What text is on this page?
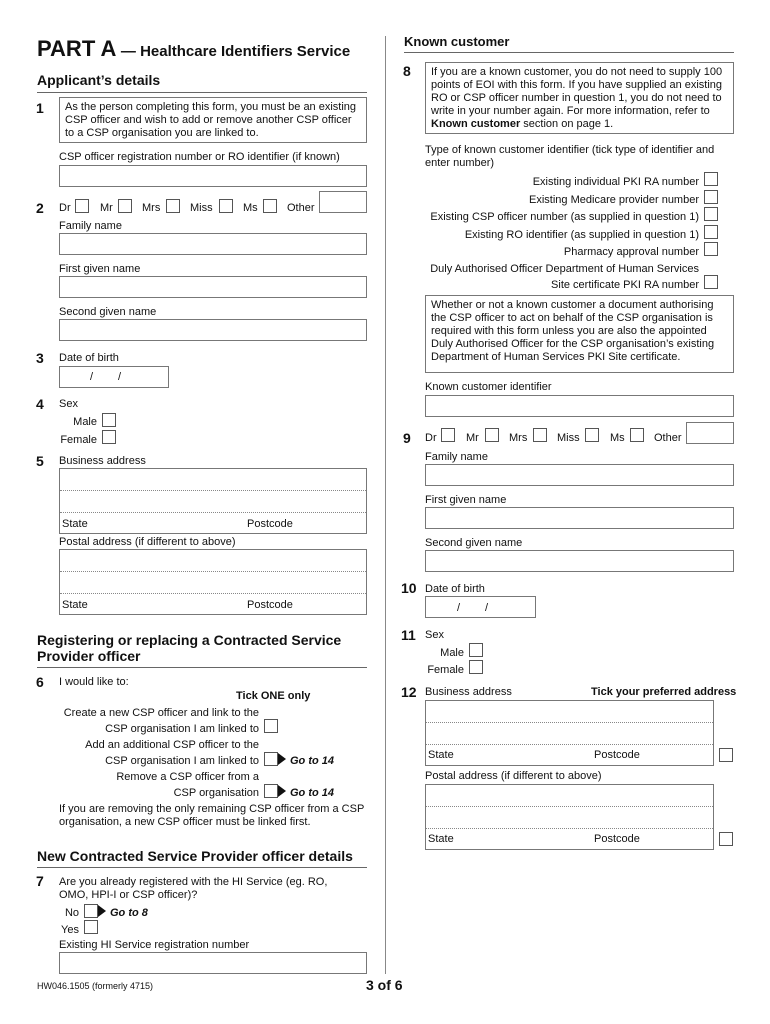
PART A — Healthcare Identifiers Service
Applicant’s details
1	As the person completing this form, you must be an existing CSP officer and wish to add or remove another CSP officer to a CSP organisation you are linked to.
CSP officer registration number or RO identifier (if known)
2 Dr	Mr	Mrs	Miss	Ms	Other
Family name
First given name
Second given name
3 Date of birth
/ /
4 Sex
Male
Female
5 Business address
State	Postcode
Postal address (if different to above)
State	Postcode
Registering or replacing a Contracted Service
Provider officer
6 I would like to:
Tick ONE only
Create a new CSP officer and link to the
CSP organisation I am linked to
Add an additional CSP officer to the
CSP organisation I am linked to	Go to 14
Remove a CSP officer from a
CSP organisation	Go to 14
If you are removing the only remaining CSP officer from a CSP organisation, a new CSP officer must be linked first.
New Contracted Service Provider officer details
7 Are you already registered with the HI Service (eg. RO, OMO, HPI-I or CSP officer)?
No	Go to 8
Yes
Existing HI Service registration number
HW046.1505 (formerly 4715)
Known customer
8	If you are a known customer, you do not need to supply 100 points of EOI with this form. If you have supplied an existing RO or CSP officer number in question 1, you do not need to write in your number again. For more information, refer to Known customer section on page 1.
Type of known customer identifier (tick type of identifier and enter number)
Existing individual PKI RA number
Existing Medicare provider number
Existing CSP officer number (as supplied in question 1)
Existing RO identifier (as supplied in question 1)
Pharmacy approval number
Duly Authorised Officer Department of Human Services
Site certificate PKI RA number
Whether or not a known customer a document authorising the CSP officer to act on behalf of the CSP organisation is required with this form unless you are also the appointed Duly Authorised Officer for the CSP organisation’s existing Department of Human Services PKI Site certificate.
Known customer identifier
9 Dr	Mr	Mrs	Miss	Ms	Other
Family name
First given name
Second given name
10 Date of birth
/ /
11 Sex
Male
Female
12 Business address	Tick your preferred address
State	Postcode
Postal address (if different to above)
State	Postcode
3 of 6
